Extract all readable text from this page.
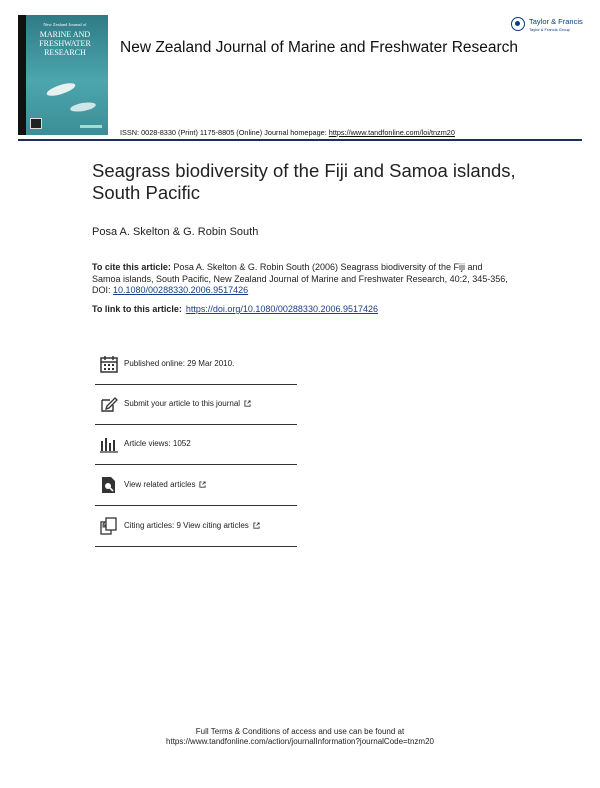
New Zealand Journal of
MARINE AND
FRESHWATER
RESEARCH	New Zealand Journal of Marine and Freshwater Research
Taylor & Francis
Taylor & Francis Group
ISSN: 0028-8330 (Print) 1175-8805 (Online) Journal homepage: https://www.tandfonline.com/loi/tnzm20
Seagrass biodiversity of the Fiji and Samoa islands, South Pacific
Posa A. Skelton & G. Robin South
To cite this article: Posa A. Skelton & G. Robin South (2006) Seagrass biodiversity of the Fiji and Samoa islands, South Pacific, New Zealand Journal of Marine and Freshwater Research, 40:2, 345-356, DOI: 10.1080/00288330.2006.9517426
To link to this article: https://doi.org/10.1080/00288330.2006.9517426
Published online: 29 Mar 2010.
Submit your article to this journal
Article views: 1052
View related articles
Citing articles: 9 View citing articles
Full Terms & Conditions of access and use can be found at
https://www.tandfonline.com/action/journalInformation?journalCode=tnzm20
